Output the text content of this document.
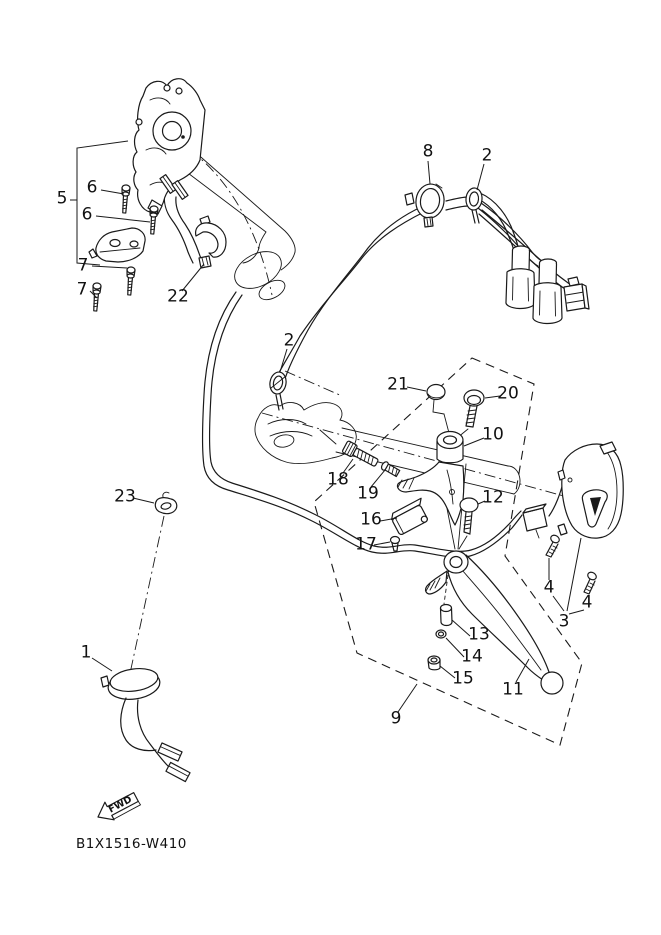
FWD
5
6
6
7
7	22
8	2
2
21	20
10
18
19
16
17
12
23
1
13
14
15
11
9
4
4
3
B1X1516-W410
